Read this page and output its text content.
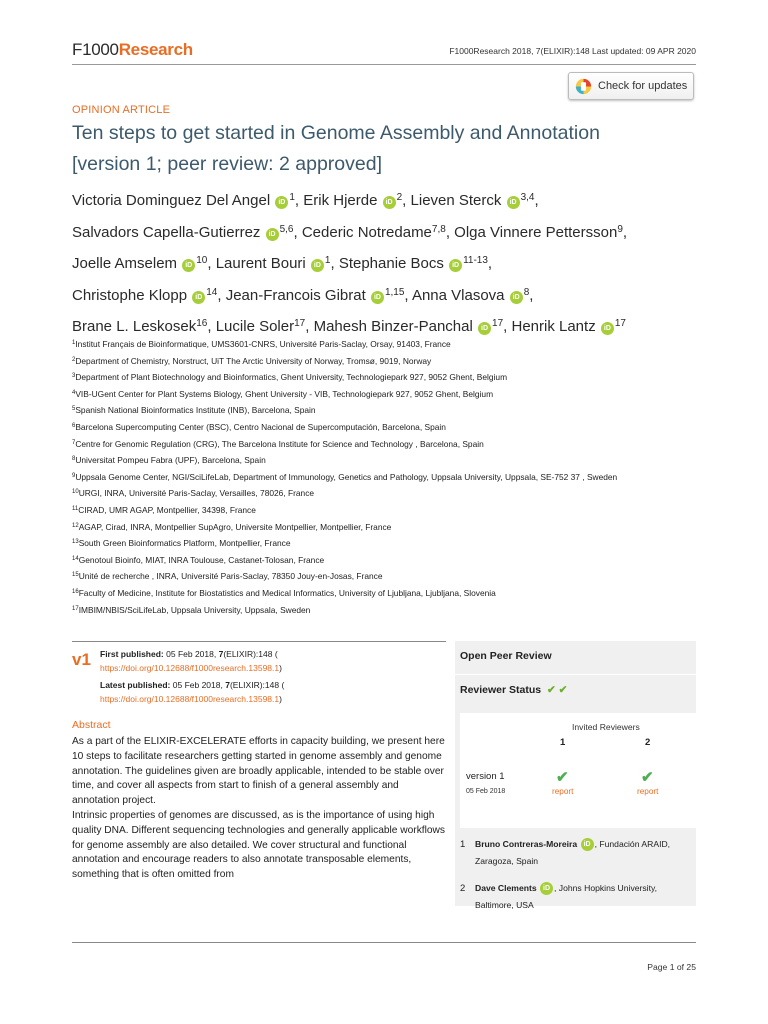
F1000Research	F1000Research 2018, 7(ELIXIR):148 Last updated: 09 APR 2020
Check for updates
OPINION ARTICLE
Ten steps to get started in Genome Assembly and Annotation
[version 1; peer review: 2 approved]
Victoria Dominguez Del Angel iD $^1$, Erik Hjerde iD $^2$, Lieven Sterck iD $^{3,4}$,
Salvadors Capella-Gutierrez iD $^{5,6}$, Cederic Notredame$^{7,8}$, Olga Vinnere Pettersson$^9$,
Joelle Amselem iD $^{10}$, Laurent Bouri iD $^1$, Stephanie Bocs iD $^{11-13}$,
Christophe Klopp iD $^{14}$, Jean-Francois Gibrat iD $^{1,15}$, Anna Vlasova iD $^8$,
Brane L. Leskosek$^{16}$, Lucile Soler$^{17}$, Mahesh Binzer-Panchal iD $^{17}$, Henrik Lantz iD $^{17}$
$^1$Institut Français de Bioinformatique, UMS3601-CNRS, Université Paris-Saclay, Orsay, 91403, France
$^2$Department of Chemistry, Norstruct, UiT The Arctic University of Norway, Tromsø, 9019, Norway
$^3$Department of Plant Biotechnology and Bioinformatics, Ghent University, Technologiepark 927, 9052 Ghent, Belgium
$^4$VIB-UGent Center for Plant Systems Biology, Ghent University - VIB, Technologiepark 927, 9052 Ghent, Belgium
$^5$Spanish National Bioinformatics Institute (INB), Barcelona, Spain
$^6$Barcelona Supercomputing Center (BSC), Centro Nacional de Supercomputación, Barcelona, Spain
$^7$Centre for Genomic Regulation (CRG), The Barcelona Institute for Science and Technology , Barcelona, Spain
$^8$Universitat Pompeu Fabra (UPF), Barcelona, Spain
$^9$Uppsala Genome Center, NGI/SciLifeLab, Department of Immunology, Genetics and Pathology, Uppsala University, Uppsala, SE-752 37 , Sweden
$^{10}$URGI, INRA, Université Paris-Saclay, Versailles, 78026, France
$^{11}$CIRAD, UMR AGAP, Montpellier, 34398, France
$^{12}$AGAP, Cirad, INRA, Montpellier SupAgro, Universite Montpellier, Montpellier, France
$^{13}$South Green Bioinformatics Platform, Montpellier, France
$^{14}$Genotoul Bioinfo, MIAT, INRA Toulouse, Castanet-Tolosan, France
$^{15}$Unité de recherche , INRA, Université Paris-Saclay, 78350 Jouy-en-Josas, France
$^{16}$Faculty of Medicine, Institute for Biostatistics and Medical Informatics, University of Ljubljana, Ljubljana, Slovenia
$^{17}$IMBIM/NBIS/SciLifeLab, Uppsala University, Uppsala, Sweden
v1 First published: 05 Feb 2018, 7(ELIXIR):148 (
https://doi.org/10.12688/f1000research.13598.1)
Latest published: 05 Feb 2018, 7(ELIXIR):148 (
https://doi.org/10.12688/f1000research.13598.1)
Abstract
As a part of the ELIXIR-EXCELERATE efforts in capacity building, we present here 10 steps to facilitate researchers getting started in genome assembly and genome annotation. The guidelines given are broadly applicable, intended to be stable over time, and cover all aspects from start to finish of a general assembly and annotation project.
Intrinsic properties of genomes are discussed, as is the importance of using high quality DNA. Different sequencing technologies and generally applicable workflows for genome assembly are also detailed. We cover structural and functional annotation and encourage readers to also annotate transposable elements, something that is often omitted from
Open Peer Review
Reviewer Status ✔ ✔
Invited Reviewers
1	2
version 1
05 Feb 2018
✔	✔
report	report
1 Bruno Contreras-Moreira iD , Fundación ARAID, Zaragoza, Spain
2 Dave Clements iD , Johns Hopkins University, Baltimore, USA
Page 1 of 25
